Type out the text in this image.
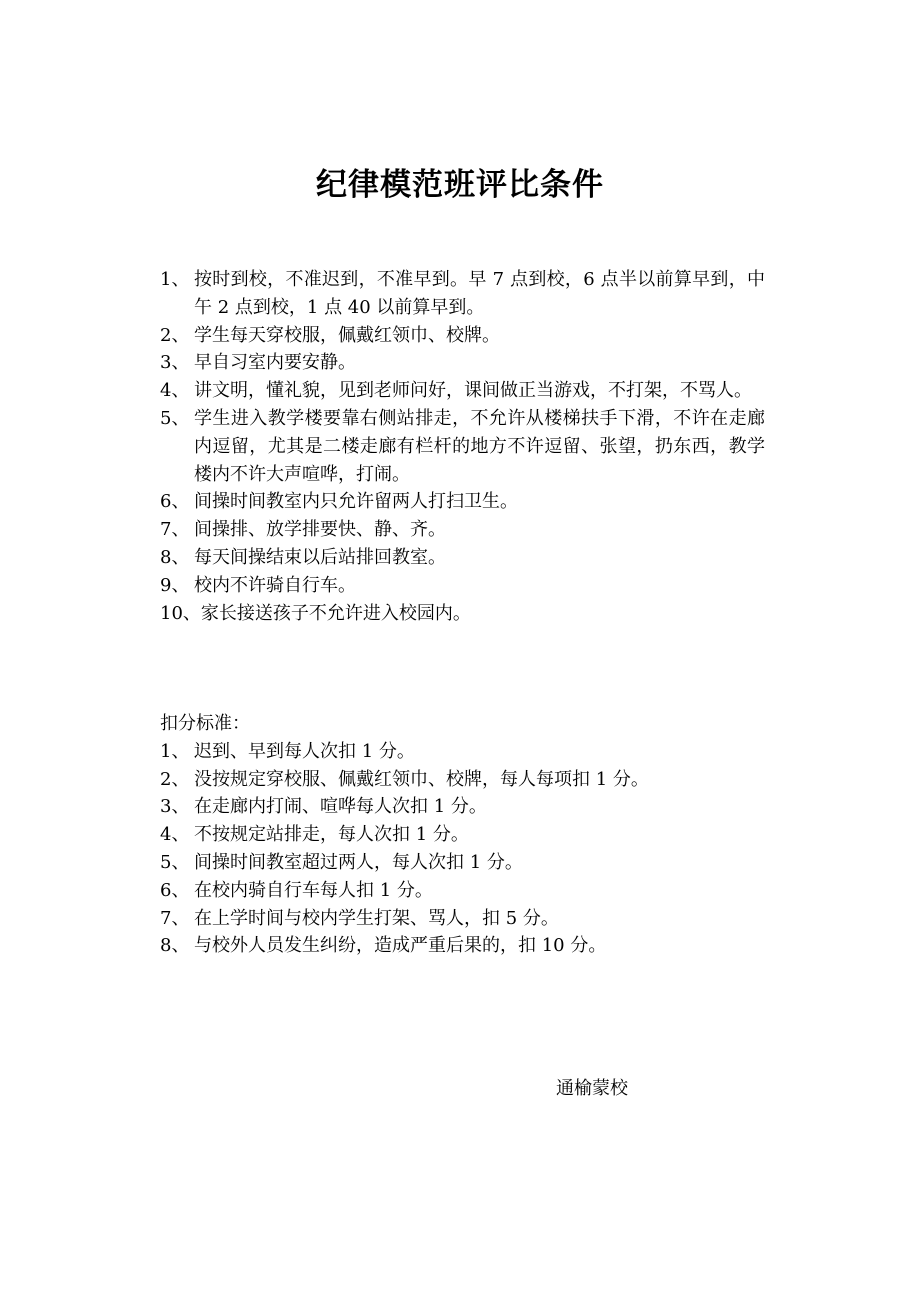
纪律模范班评比条件
1、 按时到校，不准迟到，不准早到。早 7 点到校，6 点半以前算早到，中午 2 点到校，1 点 40 以前算早到。
2、 学生每天穿校服，佩戴红领巾、校牌。
3、 早自习室内要安静。
4、 讲文明，懂礼貌，见到老师问好，课间做正当游戏，不打架，不骂人。
5、 学生进入教学楼要靠右侧站排走，不允许从楼梯扶手下滑，不许在走廊内逗留，尤其是二楼走廊有栏杆的地方不许逗留、张望，扔东西，教学楼内不许大声喧哗，打闹。
6、 间操时间教室内只允许留两人打扫卫生。
7、 间操排、放学排要快、静、齐。
8、 每天间操结束以后站排回教室。
9、 校内不许骑自行车。
10、 家长接送孩子不允许进入校园内。

扣分标准：

1、 迟到、早到每人次扣 1 分。
2、 没按规定穿校服、佩戴红领巾、校牌，每人每项扣 1 分。
3、 在走廊内打闹、喧哗每人次扣 1 分。
4、 不按规定站排走，每人次扣 1 分。
5、 间操时间教室超过两人，每人次扣 1 分。
6、 在校内骑自行车每人扣 1 分。
7、 在上学时间与校内学生打架、骂人，扣 5 分。
8、 与校外人员发生纠纷，造成严重后果的，扣 10 分。

通榆蒙校
